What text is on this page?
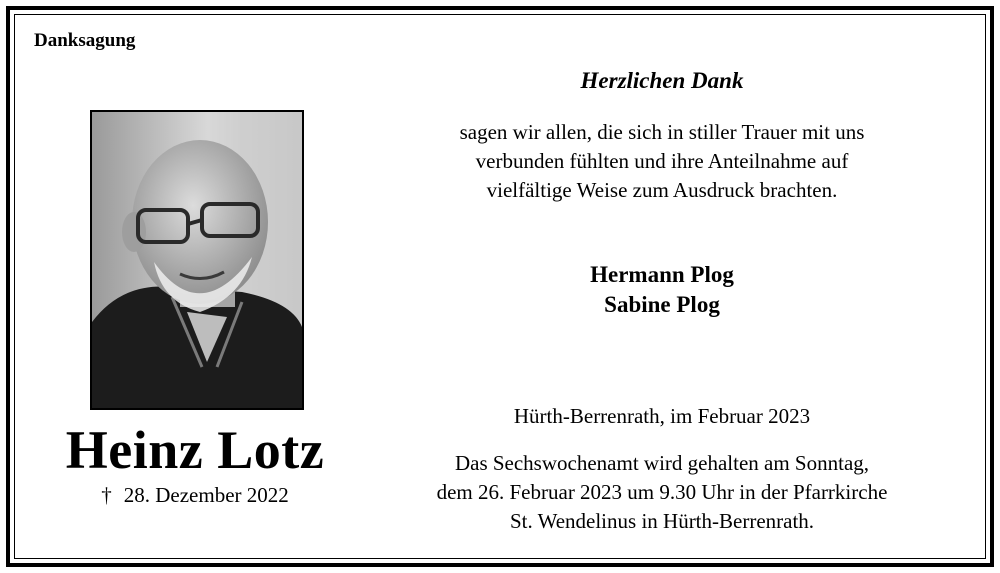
Danksagung
Heinz Lotz
† 28. Dezember 2022
Herzlichen Dank
sagen wir allen, die sich in stiller Trauer mit uns
verbunden fühlten und ihre Anteilnahme auf
vielfältige Weise zum Ausdruck brachten.
Hermann Plog
Sabine Plog
Hürth-Berrenrath, im Februar 2023
Das Sechswochenamt wird gehalten am Sonntag,
dem 26. Februar 2023 um 9.30 Uhr in der Pfarrkirche
St. Wendelinus in Hürth-Berrenrath.
